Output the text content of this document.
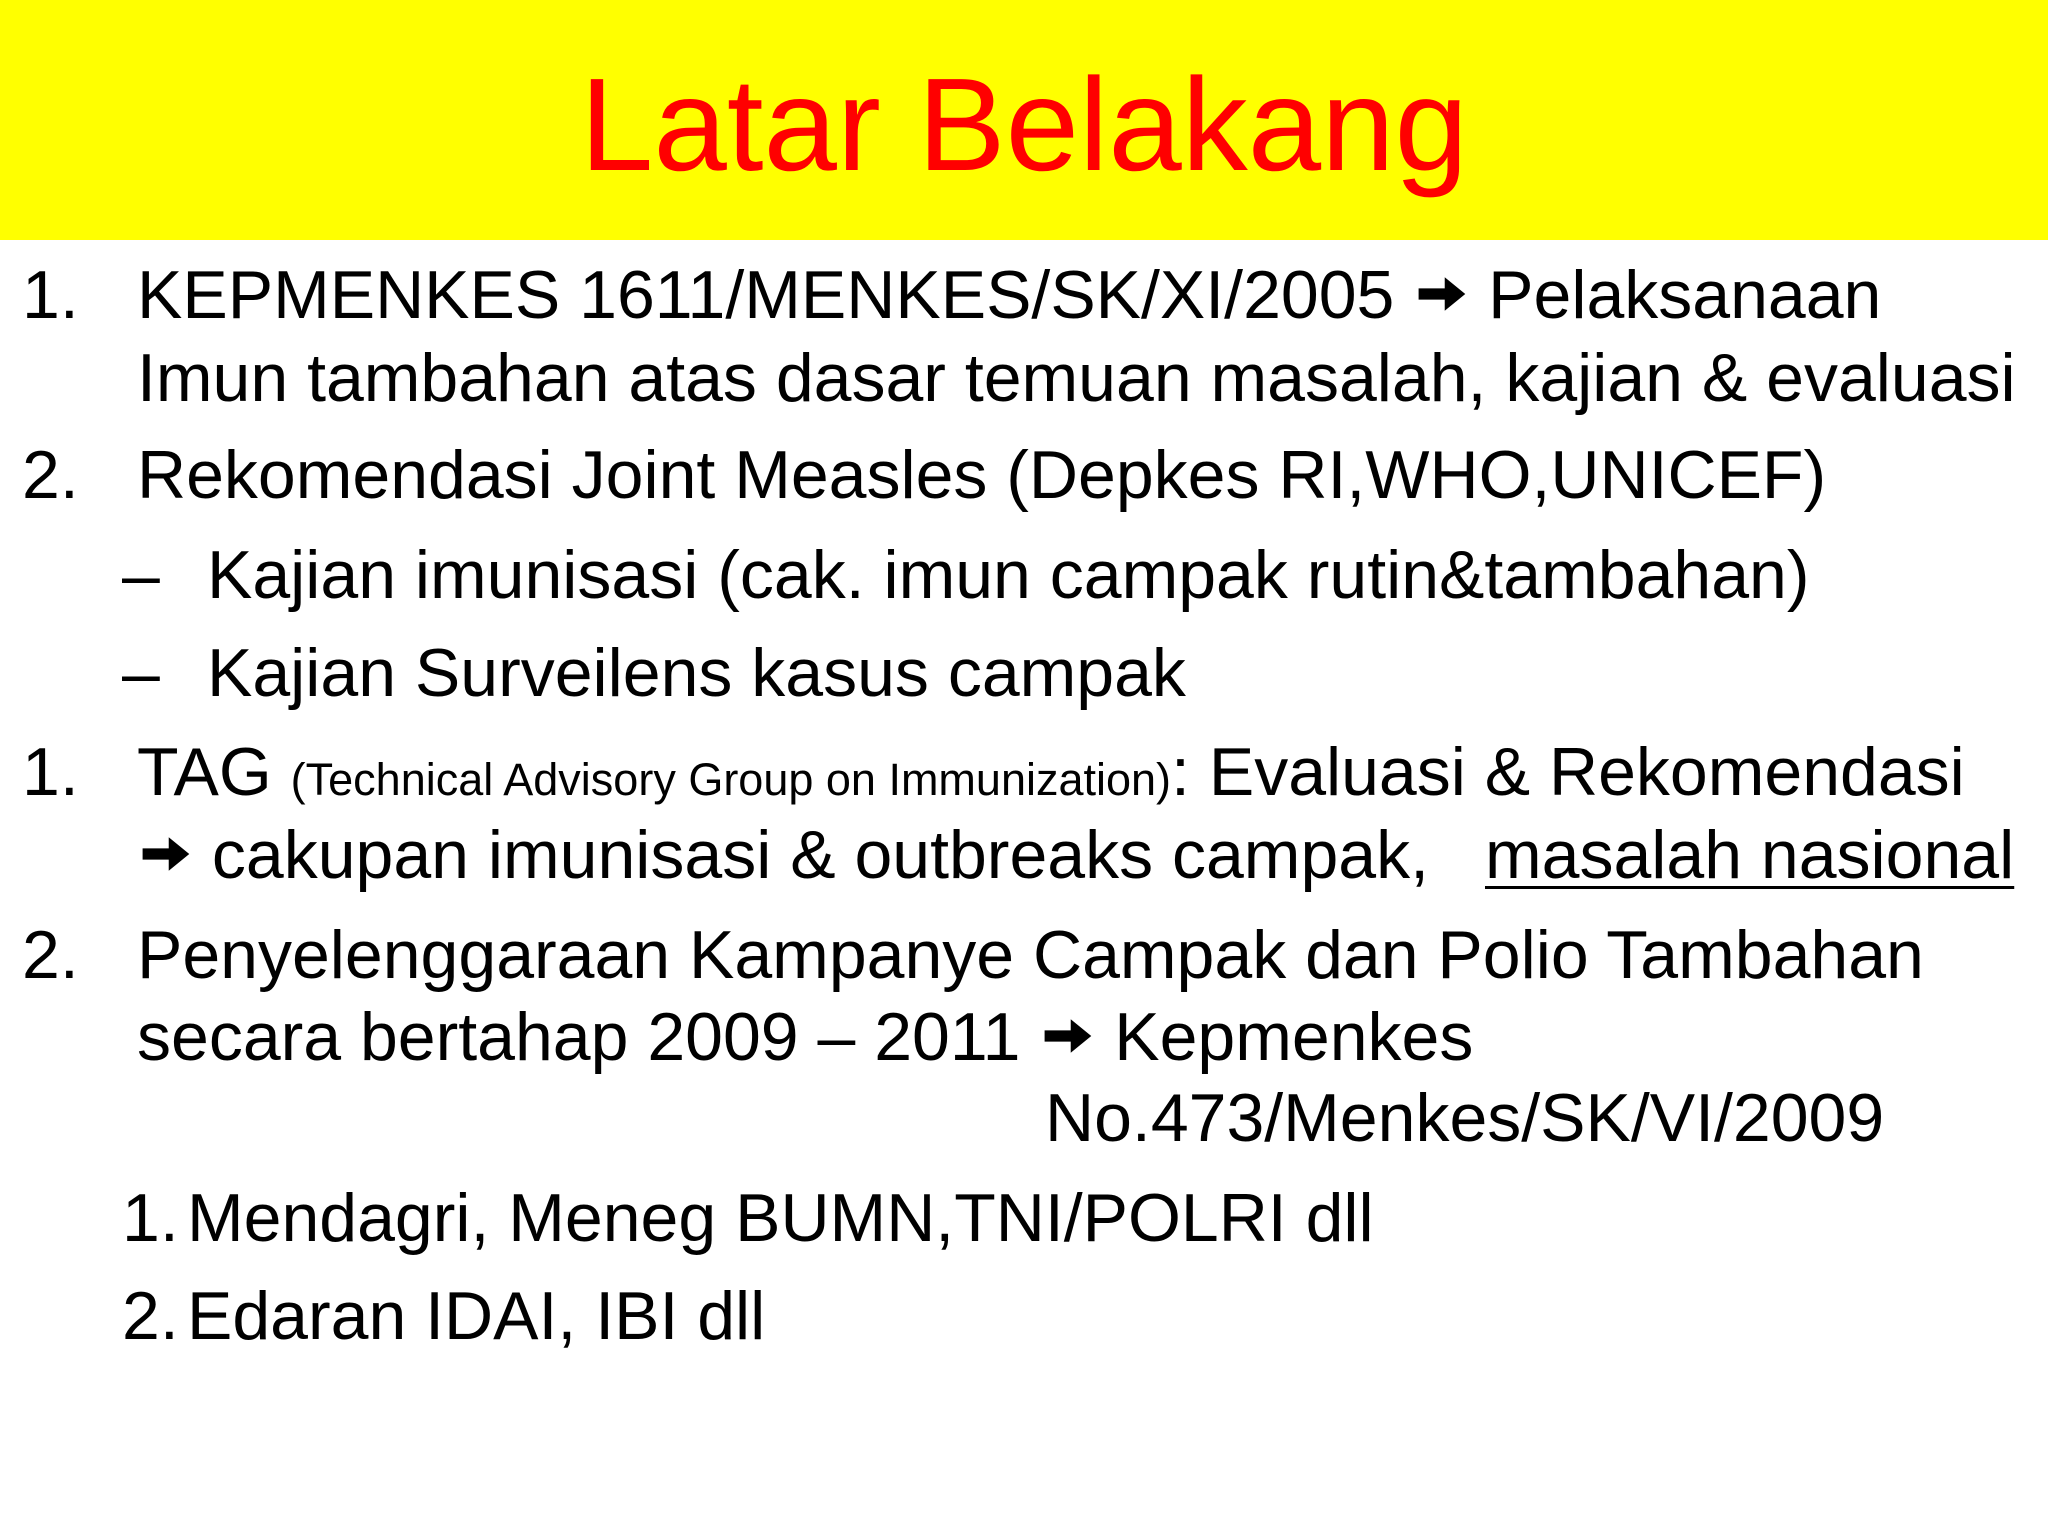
Latar Belakang
1. KEPMENKES 1611/MENKES/SK/XI/2005 Pelaksanaan
Imun tambahan atas dasar temuan masalah, kajian & evaluasi
2. Rekomendasi Joint Measles (Depkes RI,WHO,UNICEF)
– Kajian imunisasi (cak. imun campak rutin&tambahan)
– Kajian Surveilens kasus campak
1. TAG (Technical Advisory Group on Immunization): Evaluasi & Rekomendasi
cakupan imunisasi & outbreaks campak, masalah nasional
2. Penyelenggaraan Kampanye Campak dan Polio Tambahan
secara bertahap 2009 – 2011 Kepmenkes
No.473/Menkes/SK/VI/2009
1. Mendagri, Meneg BUMN,TNI/POLRI dll
2. Edaran IDAI, IBI dll
